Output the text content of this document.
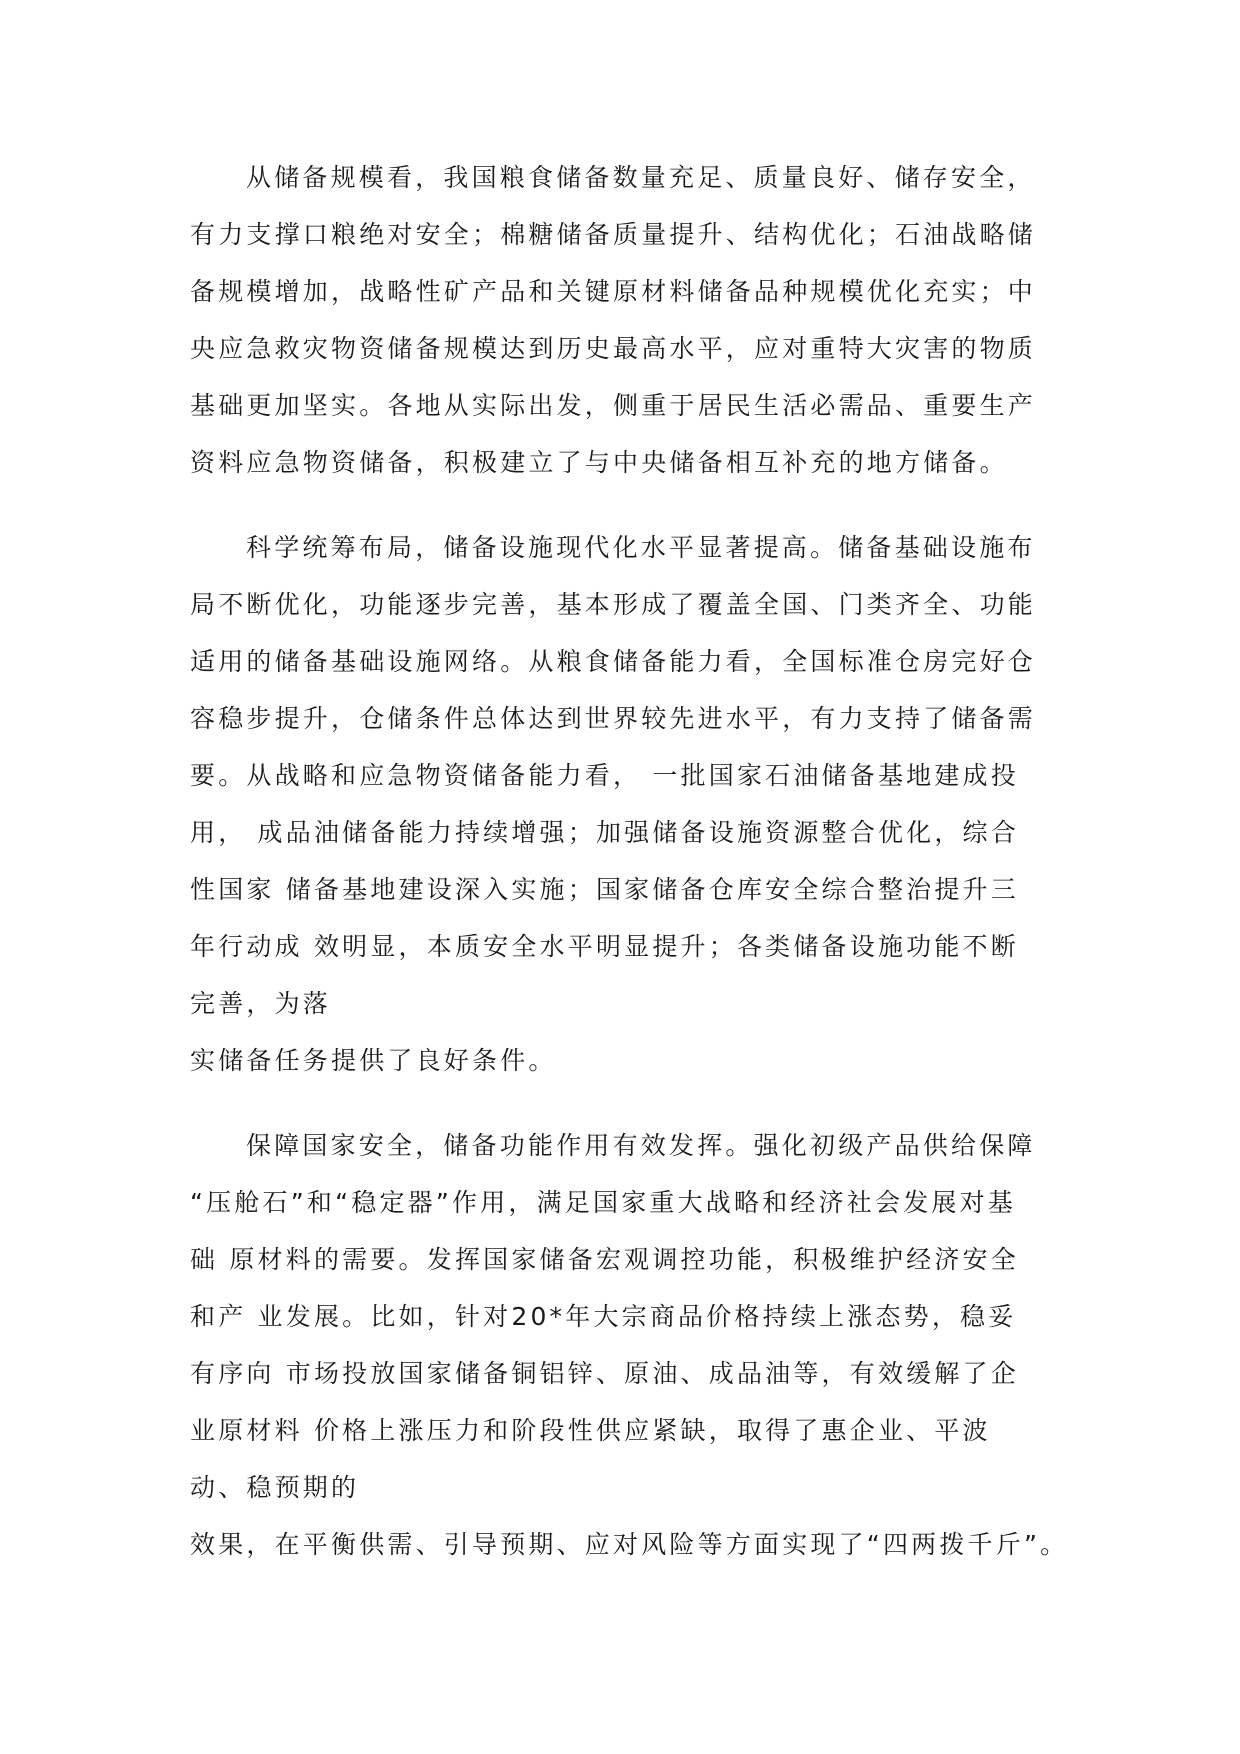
从储备规模看，我国粮食储备数量充足、质量良好、储存安全，
有力支撑口粮绝对安全；棉糖储备质量提升、结构优化；石油战略储
备规模增加，战略性矿产品和关键原材料储备品种规模优化充实；中
央应急救灾物资储备规模达到历史最高水平，应对重特大灾害的物质
基础更加坚实。各地从实际出发，侧重于居民生活必需品、重要生产
资料应急物资储备，积极建立了与中央储备相互补充的地方储备。
科学统筹布局，储备设施现代化水平显著提高。储备基础设施布
局不断优化，功能逐步完善，基本形成了覆盖全国、门类齐全、功能
适用的储备基础设施网络。从粮食储备能力看，全国标准仓房完好仓
容稳步提升，仓储条件总体达到世界较先进水平，有力支持了储备需
要。从战略和应急物资储备能力看， 一批国家石油储备基地建成投
用， 成品油储备能力持续增强；加强储备设施资源整合优化，综合
性国家 储备基地建设深入实施；国家储备仓库安全综合整治提升三
年行动成 效明显，本质安全水平明显提升；各类储备设施功能不断
完善，为落
实储备任务提供了良好条件。
保障国家安全，储备功能作用有效发挥。强化初级产品供给保障
“压舱石”和“稳定器”作用，满足国家重大战略和经济社会发展对基
础 原材料的需要。发挥国家储备宏观调控功能，积极维护经济安全
和产 业发展。比如，针对20*年大宗商品价格持续上涨态势，稳妥
有序向 市场投放国家储备铜铝锌、原油、成品油等，有效缓解了企
业原材料 价格上涨压力和阶段性供应紧缺，取得了惠企业、平波
动、稳预期的
效果，在平衡供需、引导预期、应对风险等方面实现了“四两拨千斤”。
